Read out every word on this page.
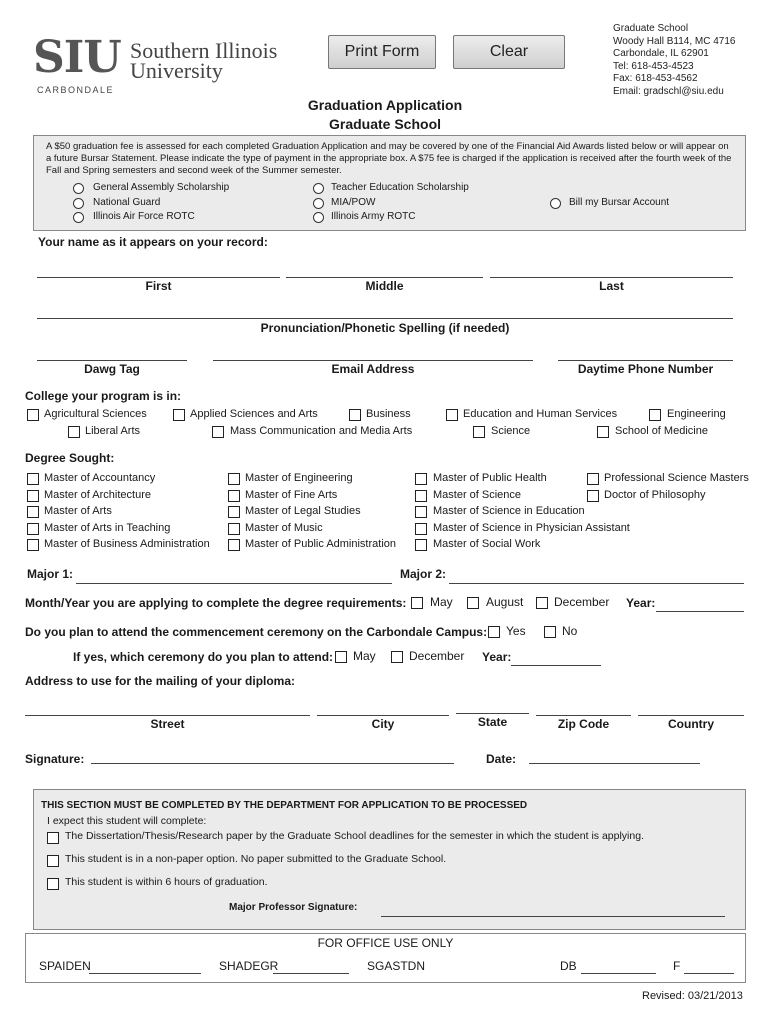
SIU Southern Illinois
University
CARBONDALE
Print Form	Clear
Graduate School
Woody Hall B114, MC 4716
Carbondale, IL 62901
Tel: 618-453-4523
Fax: 618-453-4562
Email: gradschl@siu.edu
Graduation Application
Graduate School
A $50 graduation fee is assessed for each completed Graduation Application and may be covered by one of the Financial Aid Awards listed below or will appear on a future Bursar Statement. Please indicate the type of payment in the appropriate box. A $75 fee is charged if the application is received after the fourth week of the Fall and Spring semesters and second week of the Summer semester.
General Assembly Scholarship
National Guard
Illinois Air Force ROTC
Teacher Education Scholarship
MIA/POW
Illinois Army ROTC
Bill my Bursar Account
Your name as it appears on your record:
First	Middle	Last
Pronunciation/Phonetic Spelling (if needed)
Dawg Tag	Email Address	Daytime Phone Number
College your program is in:
Agricultural Sciences	Applied Sciences and Arts	Business	Education and Human Services	Engineering
Liberal Arts	Mass Communication and Media Arts	Science	School of Medicine
Degree Sought:
Master of Accountancy
Master of Architecture
Master of Arts
Master of Arts in Teaching
Master of Business Administration
Master of Engineering
Master of Fine Arts
Master of Legal Studies
Master of Music
Master of Public Administration
Master of Public Health
Master of Science
Master of Science in Education
Master of Science in Physician Assistant
Master of Social Work
Professional Science Masters
Doctor of Philosophy
Major 1:	Major 2:
Month/Year you are applying to complete the degree requirements: May	August	December Year:
Do you plan to attend the commencement ceremony on the Carbondale Campus: Yes	No
If yes, which ceremony do you plan to attend: May	December Year:
Address to use for the mailing of your diploma:
Street	City	State	Zip Code	Country
Signature:	Date:
THIS SECTION MUST BE COMPLETED BY THE DEPARTMENT FOR APPLICATION TO BE PROCESSED
I expect this student will complete:
The Dissertation/Thesis/Research paper by the Graduate School deadlines for the semester in which the student is applying.
This student is in a non-paper option. No paper submitted to the Graduate School.
This student is within 6 hours of graduation.
Major Professor Signature:
FOR OFFICE USE ONLY
SPAIDEN	SHADEGR	SGASTDN	DB	F
Revised: 03/21/2013
